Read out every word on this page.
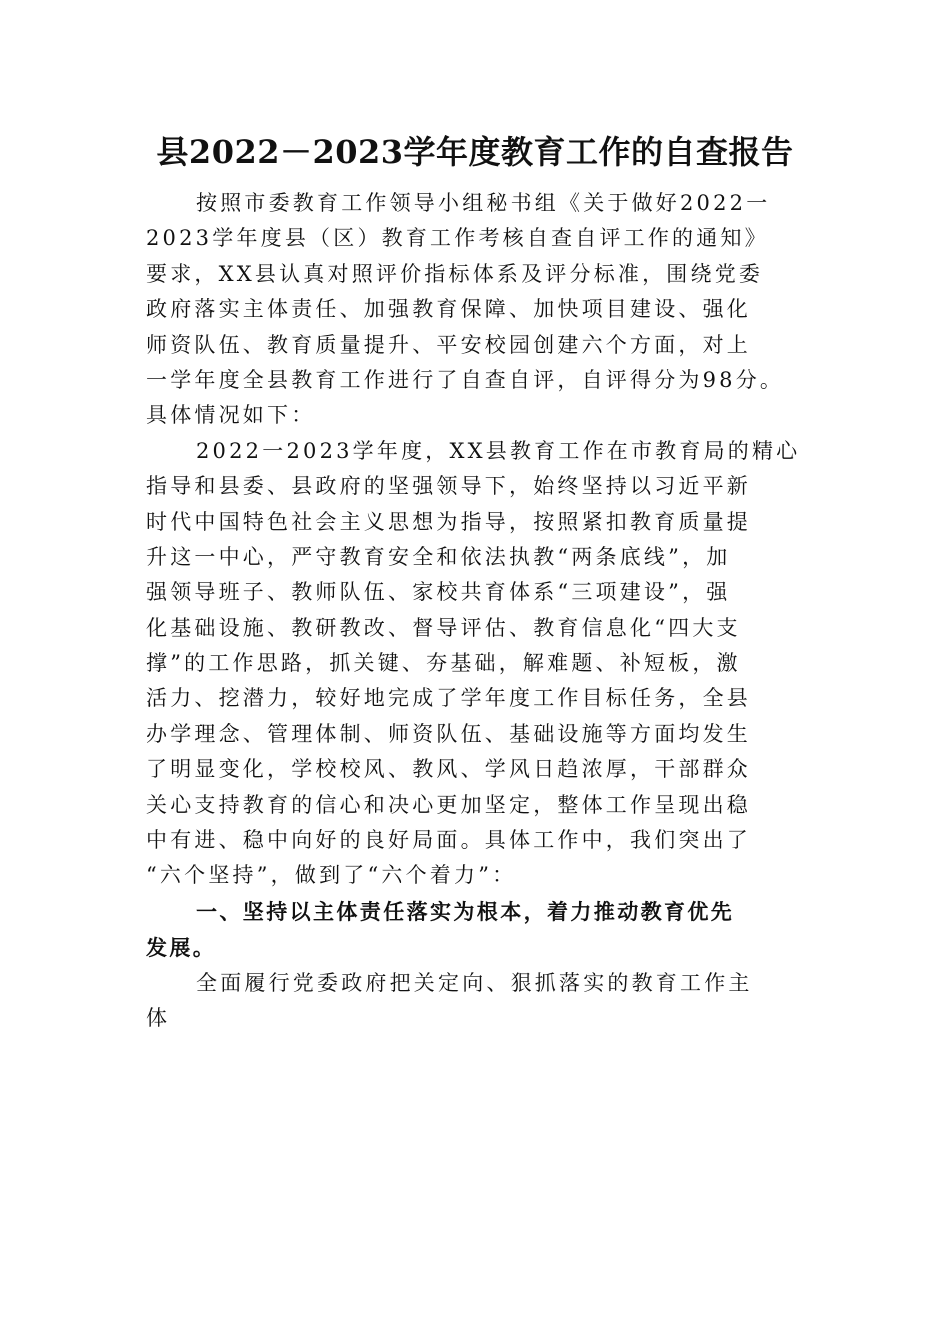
县2022－2023学年度教育工作的自查报告

按照市委教育工作领导小组秘书组《关于做好2022一
2023学年度县（区）教育工作考核自查自评工作的通知》
要求，XX县认真对照评价指标体系及评分标准，围绕党委
政府落实主体责任、加强教育保障、加快项目建设、强化
师资队伍、教育质量提升、平安校园创建六个方面，对上
一学年度全县教育工作进行了自查自评，自评得分为98分。
具体情况如下：

2022一2023学年度，XX县教育工作在市教育局的精心
指导和县委、县政府的坚强领导下，始终坚持以习近平新
时代中国特色社会主义思想为指导，按照紧扣教育质量提
升这一中心，严守教育安全和依法执教“两条底线”，加
强领导班子、教师队伍、家校共育体系“三项建设”，强
化基础设施、教研教改、督导评估、教育信息化“四大支
撑”的工作思路，抓关键、夯基础，解难题、补短板，激
活力、挖潜力，较好地完成了学年度工作目标任务，全县
办学理念、管理体制、师资队伍、基础设施等方面均发生
了明显变化，学校校风、教风、学风日趋浓厚，干部群众
关心支持教育的信心和决心更加坚定，整体工作呈现出稳
中有进、稳中向好的良好局面。具体工作中，我们突出了
“六个坚持”，做到了“六个着力”：

一、坚持以主体责任落实为根本，着力推动教育优先
发展。

全面履行党委政府把关定向、狠抓落实的教育工作主
体
